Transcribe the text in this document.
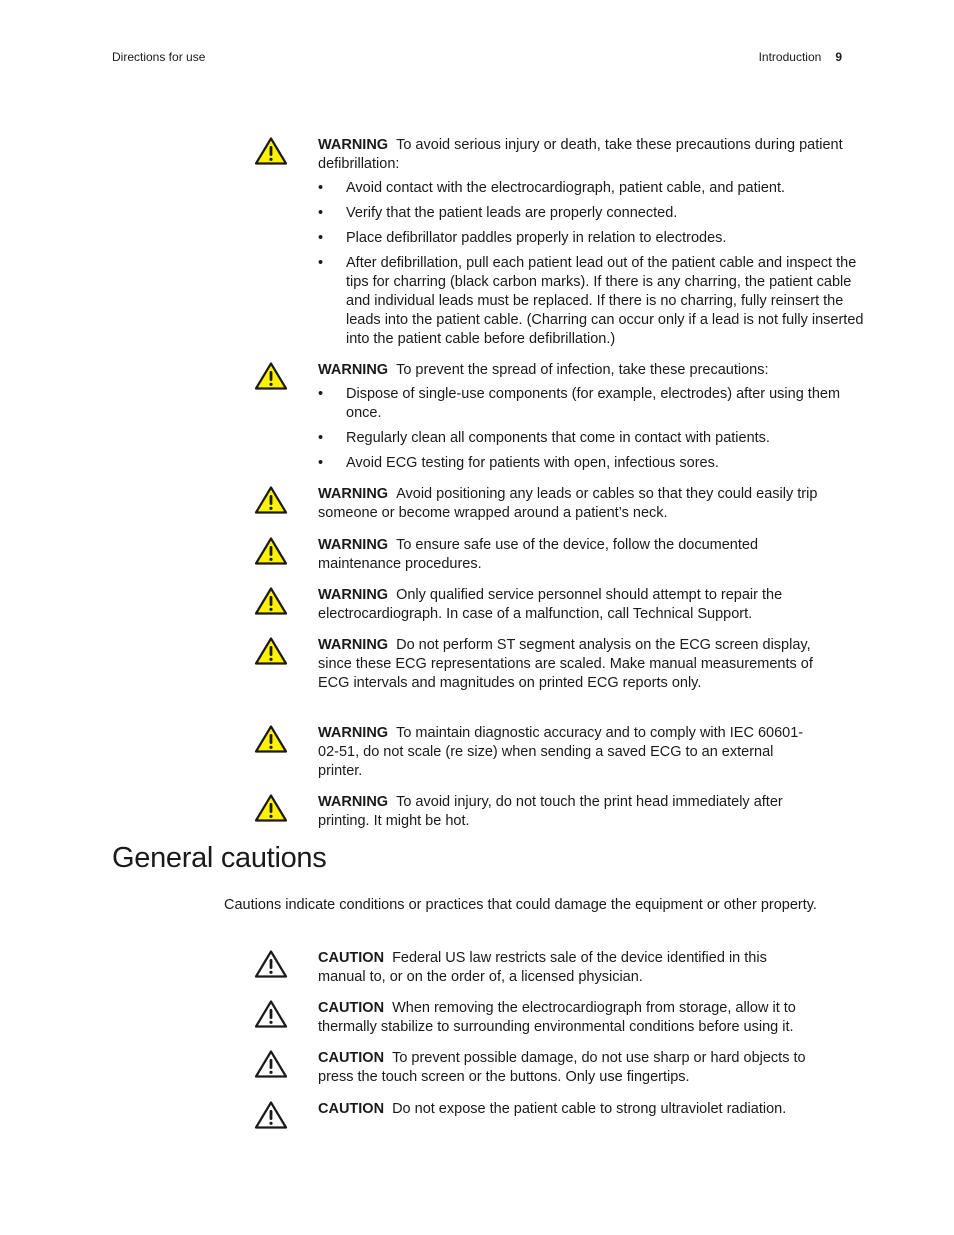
Directions for use	Introduction 9
WARNING To avoid serious injury or death, take these precautions during patient defibrillation:
• Avoid contact with the electrocardiograph, patient cable, and patient.
• Verify that the patient leads are properly connected.
• Place defibrillator paddles properly in relation to electrodes.
• After defibrillation, pull each patient lead out of the patient cable and inspect the tips for charring (black carbon marks). If there is any charring, the patient cable and individual leads must be replaced. If there is no charring, fully reinsert the leads into the patient cable. (Charring can occur only if a lead is not fully inserted into the patient cable before defibrillation.)
WARNING To prevent the spread of infection, take these precautions:
• Dispose of single-use components (for example, electrodes) after using them once.
• Regularly clean all components that come in contact with patients.
• Avoid ECG testing for patients with open, infectious sores.
WARNING Avoid positioning any leads or cables so that they could easily trip someone or become wrapped around a patient’s neck.
WARNING To ensure safe use of the device, follow the documented maintenance procedures.
WARNING Only qualified service personnel should attempt to repair the electrocardiograph. In case of a malfunction, call Technical Support.
WARNING Do not perform ST segment analysis on the ECG screen display, since these ECG representations are scaled. Make manual measurements of ECG intervals and magnitudes on printed ECG reports only.
WARNING To maintain diagnostic accuracy and to comply with IEC 60601-02-51, do not scale (re size) when sending a saved ECG to an external printer.
WARNING To avoid injury, do not touch the print head immediately after printing. It might be hot.
General cautions
Cautions indicate conditions or practices that could damage the equipment or other property.
CAUTION Federal US law restricts sale of the device identified in this manual to, or on the order of, a licensed physician.
CAUTION When removing the electrocardiograph from storage, allow it to thermally stabilize to surrounding environmental conditions before using it.
CAUTION To prevent possible damage, do not use sharp or hard objects to press the touch screen or the buttons. Only use fingertips.
CAUTION Do not expose the patient cable to strong ultraviolet radiation.
